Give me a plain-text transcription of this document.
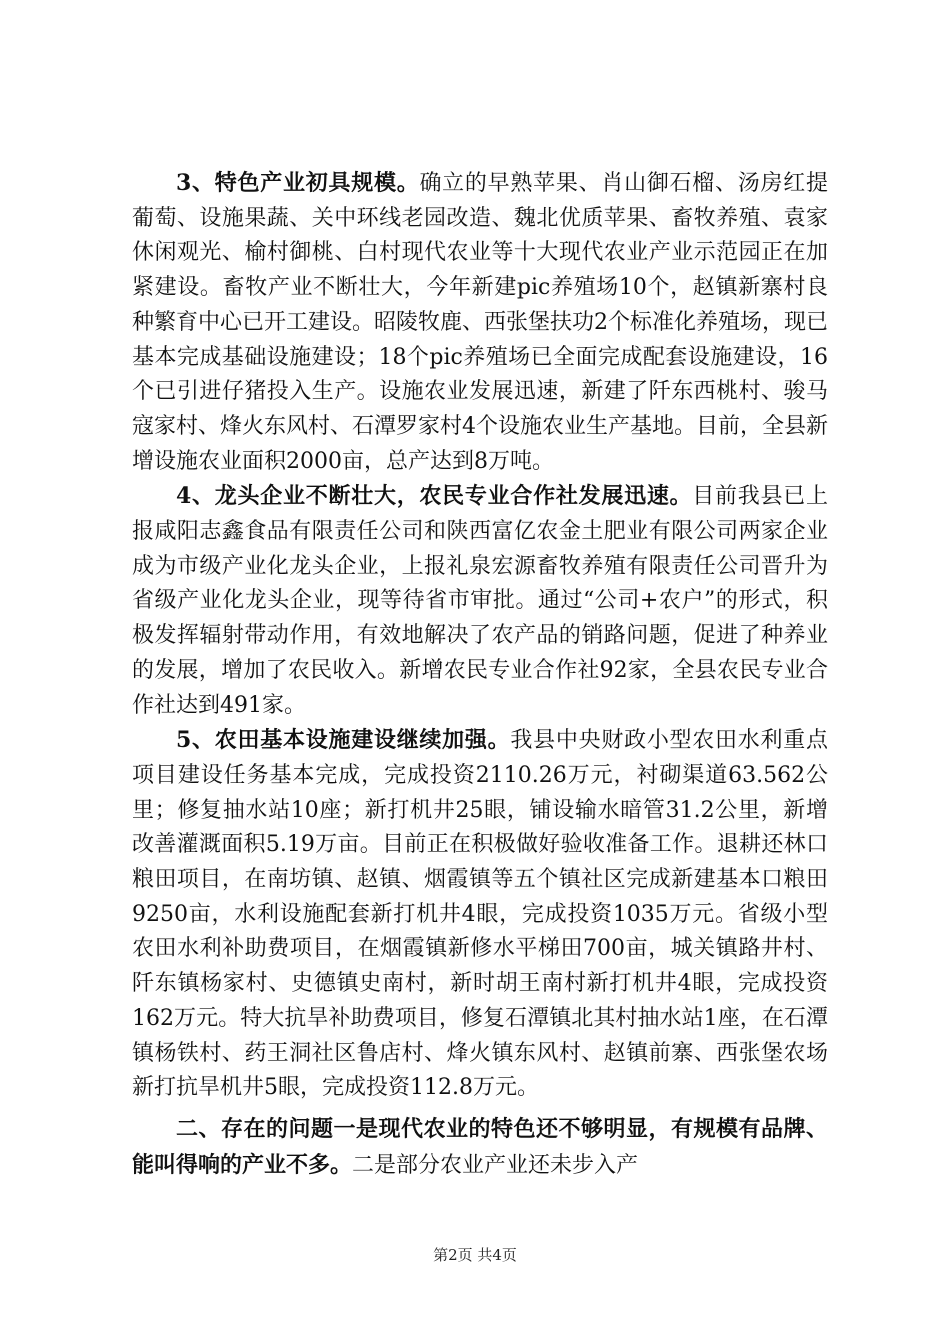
3、特色产业初具规模。确立的早熟苹果、肖山御石榴、汤房红提葡萄、设施果蔬、关中环线老园改造、魏北优质苹果、畜牧养殖、袁家休闲观光、榆村御桃、白村现代农业等十大现代农业产业示范园正在加紧建设。畜牧产业不断壮大，今年新建pic养殖场10个，赵镇新寨村良种繁育中心已开工建设。昭陵牧鹿、西张堡扶功2个标准化养殖场，现已基本完成基础设施建设；18个pic养殖场已全面完成配套设施建设，16个已引进仔猪投入生产。设施农业发展迅速，新建了阡东西桃村、骏马寇家村、烽火东风村、石潭罗家村4个设施农业生产基地。目前，全县新增设施农业面积2000亩，总产达到8万吨。

4、龙头企业不断壮大，农民专业合作社发展迅速。目前我县已上报咸阳志鑫食品有限责任公司和陕西富亿农金土肥业有限公司两家企业成为市级产业化龙头企业，上报礼泉宏源畜牧养殖有限责任公司晋升为省级产业化龙头企业，现等待省市审批。通过“公司+农户”的形式，积极发挥辐射带动作用，有效地解决了农产品的销路问题，促进了种养业的发展，增加了农民收入。新增农民专业合作社92家，全县农民专业合作社达到491家。

5、农田基本设施建设继续加强。我县中央财政小型农田水利重点项目建设任务基本完成，完成投资2110.26万元，衬砌渠道63.562公里；修复抽水站10座；新打机井25眼，铺设输水暗管31.2公里，新增改善灌溉面积5.19万亩。目前正在积极做好验收准备工作。退耕还林口粮田项目，在南坊镇、赵镇、烟霞镇等五个镇社区完成新建基本口粮田9250亩，水利设施配套新打机井4眼，完成投资1035万元。省级小型农田水利补助费项目，在烟霞镇新修水平梯田700亩，城关镇路井村、阡东镇杨家村、史德镇史南村，新时胡王南村新打机井4眼，完成投资162万元。特大抗旱补助费项目，修复石潭镇北其村抽水站1座，在石潭镇杨铁村、药王洞社区鲁店村、烽火镇东风村、赵镇前寨、西张堡农场新打抗旱机井5眼，完成投资112.8万元。

二、存在的问题一是现代农业的特色还不够明显，有规模有品牌、能叫得响的产业不多。二是部分农业产业还未步入产

第2页 共4页
